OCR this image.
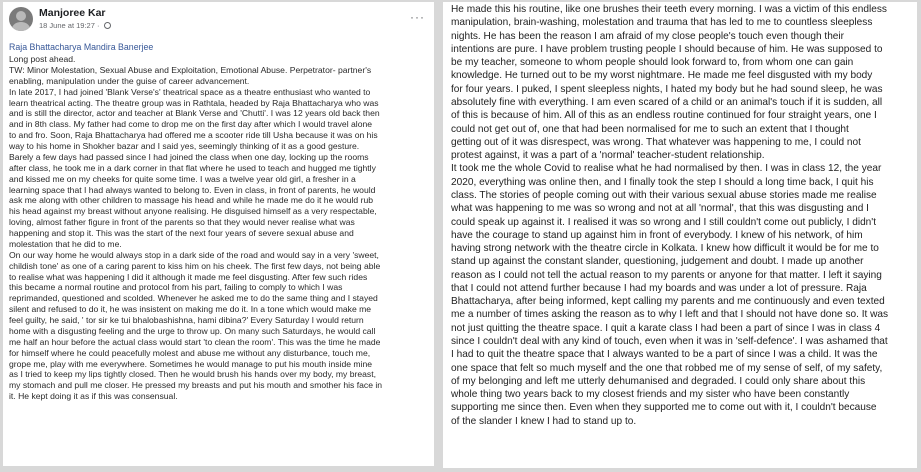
Manjoree Kar
18 June at 19:27 ·
···
Raja Bhattacharya Mandira Banerjee

Long post ahead.

TW: Minor Molestation, Sexual Abuse and Exploitation, Emotional Abuse. Perpetrator- partner's

enabling, manipulation under the guise of career advancement.

In late 2017, I had joined 'Blank Verse's' theatrical space as a theatre enthusiast who wanted to

learn theatrical acting. The theatre group was in Rathtala, headed by Raja Bhattacharya who was

and is still the director, actor and teacher at Blank Verse and 'Chutti'. I was 12 years old back then

and in 8th class. My father had come to drop me on the first day after which I would travel alone

to and fro. Soon, Raja Bhattacharya had offered me a scooter ride till Usha because it was on his

way to his home in Shokher bazar and I said yes, seemingly thinking of it as a good gesture.

Barely a few days had passed since I had joined the class when one day, locking up the rooms

after class, he took me in a dark corner in that flat where he used to teach and hugged me tightly

and kissed me on my cheeks for quite some time. I was a twelve year old girl, a fresher in a

learning space that I had always wanted to belong to. Even in class, in front of parents, he would

ask me along with other children to massage his head and while he made me do it he would rub

his head against my breast without anyone realising. He disguised himself as a very respectable,

loving, almost father figure in front of the parents so that they would never realise what was

happening and stop it. This was the start of the next four years of severe sexual abuse and

molestation that he did to me.

On our way home he would always stop in a dark side of the road and would say in a very 'sweet,

childish tone' as one of a caring parent to kiss him on his cheek. The first few days, not being able

to realise what was happening I did it although it made me feel disgusting. After few such rides

this became a normal routine and protocol from his part, failing to comply to which I was

reprimanded, questioned and scolded. Whenever he asked me to do the same thing and I stayed

silent and refused to do it, he was insistent on making me do it. In a tone which would make me

feel guilty, he said, ' tor sir ke tui bhalobashishna, hami dibina?' Every Saturday I would return

home with a disgusting feeling and the urge to throw up. On many such Saturdays, he would call

me half an hour before the actual class would start 'to clean the room'. This was the time he made

for himself where he could peacefully molest and abuse me without any disturbance, touch me,

grope me, play with me everywhere. Sometimes he would manage to put his mouth inside mine

as I tried to keep my lips tightly closed. Then he would brush his hands over my body, my breast,

my stomach and pull me closer. He pressed my breasts and put his mouth and smother his face in

it. He kept doing it as if this was consensual.

He made this his routine, like one brushes their teeth every morning. I was a victim of this endless

manipulation, brain-washing, molestation and trauma that has led to me to countless sleepless

nights. He has been the reason I am afraid of my close people's touch even though their

intentions are pure. I have problem trusting people I should because of him. He was supposed to

be my teacher, someone to whom people should look forward to, from whom one can gain

knowledge. He turned out to be my worst nightmare. He made me feel disgusted with my body

for four years. I puked, I spent sleepless nights, I hated my body but he had sound sleep, he was

absolutely fine with everything. I am even scared of a child or an animal's touch if it is sudden, all

of this is because of him. All of this as an endless routine continued for four straight years, one I

could not get out of, one that had been normalised for me to such an extent that I thought

getting out of it was disrespect, was wrong. That whatever was happening to me, I could not

protest against, it was a part of a 'normal' teacher-student relationship.

It took me the whole Covid to realise what he had normalised by then. I was in class 12, the year

2020, everything was online then, and I finally took the step I should a long time back, I quit his

class. The stories of people coming out with their various sexual abuse stories made me realise

what was happening to me was so wrong and not at all 'normal', that this was disgusting and I

could speak up against it. I realised it was so wrong and I still couldn't come out publicly, I didn't

have the courage to stand up against him in front of everybody. I knew of his network, of him

having strong network with the theatre circle in Kolkata. I knew how difficult it would be for me to

stand up against the constant slander, questioning, judgement and doubt. I made up another

reason as I could not tell the actual reason to my parents or anyone for that matter. I left it saying

that I could not attend further because I had my boards and was under a lot of pressure. Raja

Bhattacharya, after being informed, kept calling my parents and me continuously and even texted

me a number of times asking the reason as to why I left and that I should not have done so. It was

not just quitting the theatre space. I quit a karate class I had been a part of since I was in class 4

since I couldn't deal with any kind of touch, even when it was in 'self-defence'. I was ashamed that

I had to quit the theatre space that I always wanted to be a part of since I was a child. It was the

one space that felt so much myself and the one that robbed me of my sense of self, of my safety,

of my belonging and left me utterly dehumanised and degraded. I could only share about this

whole thing two years back to my closest friends and my sister who have been constantly

supporting me since then. Even when they supported me to come out with it, I couldn't because

of the slander I knew I had to stand up to.
